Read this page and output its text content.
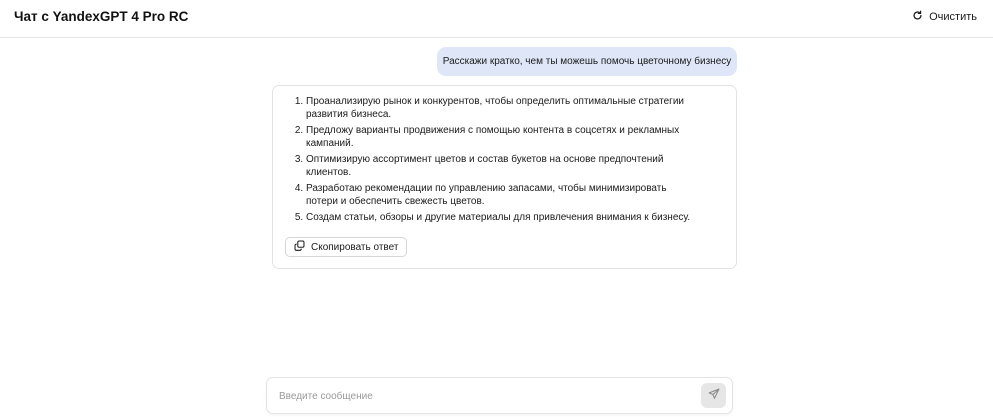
Чат с YandexGPT 4 Pro RC	Очистить
Расскажи кратко, чем ты можешь помочь цветочному бизнесу
1. Проанализирую рынок и конкурентов, чтобы определить оптимальные стратегии развития бизнеса.
2. Предложу варианты продвижения с помощью контента в соцсетях и рекламных кампаний.
3. Оптимизирую ассортимент цветов и состав букетов на основе предпочтений клиентов.
4. Разработаю рекомендации по управлению запасами, чтобы минимизировать потери и обеспечить свежесть цветов.
5. Создам статьи, обзоры и другие материалы для привлечения внимания к бизнесу.
Скопировать ответ
Введите сообщение
